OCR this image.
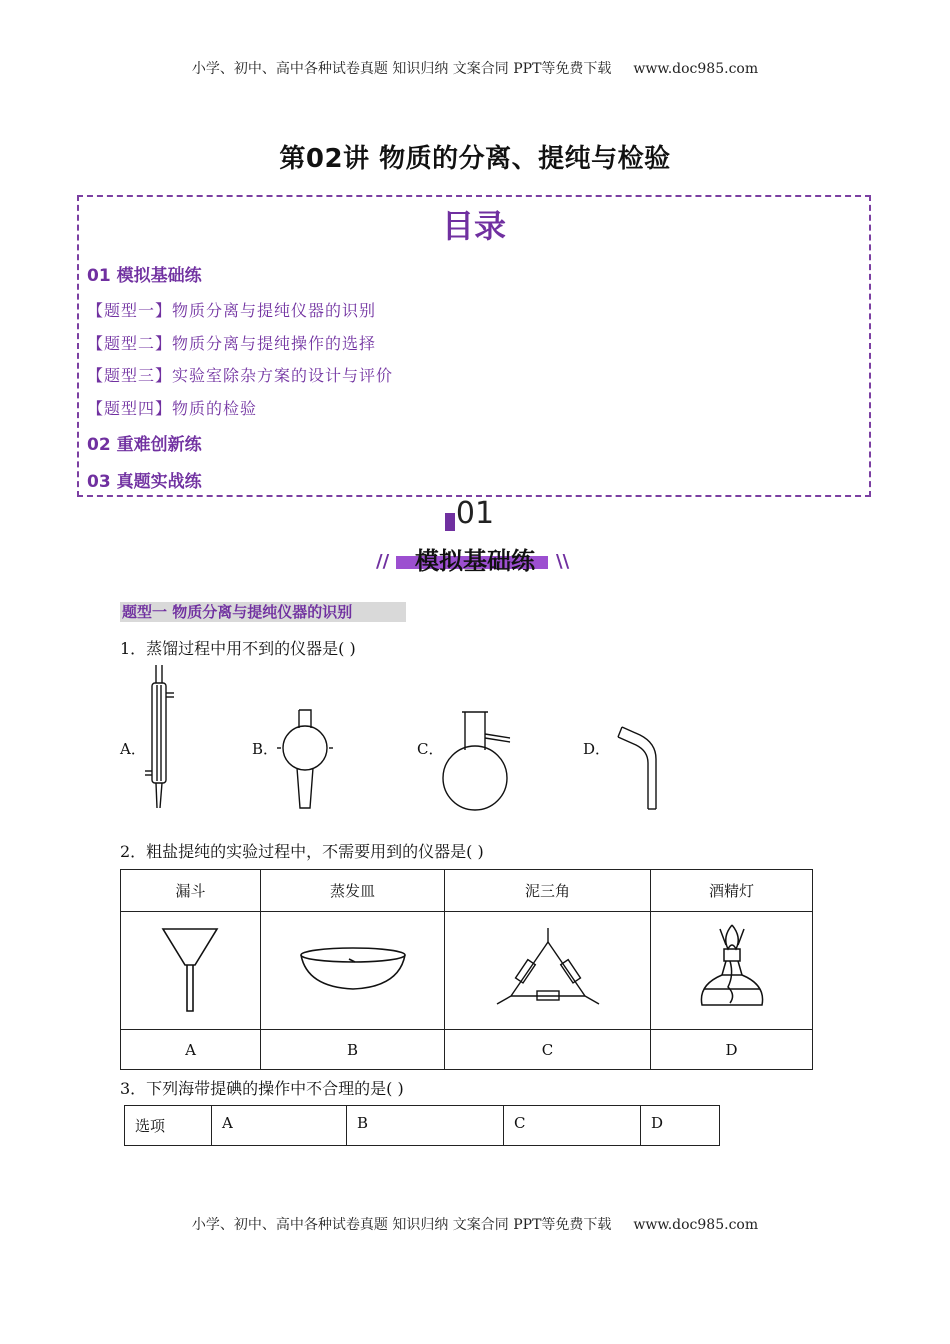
小学、初中、高中各种试卷真题 知识归纳 文案合同 PPT等免费下载 www.doc985.com
第02讲 物质的分离、提纯与检验
目录
01 模拟基础练
【题型一】物质分离与提纯仪器的识别
【题型二】物质分离与提纯操作的选择
【题型三】实验室除杂方案的设计与评价
【题型四】物质的检验
02 重难创新练
03 真题实战练
01
//	\\
模拟基础练
题型一 物质分离与提纯仪器的识别
1．蒸馏过程中用不到的仪器是( )
A．	B．	C．	D．
2．粗盐提纯的实验过程中，不需要用到的仪器是( )
漏斗	蒸发皿	泥三角	酒精灯

A	B	C	D
3．下列海带提碘的操作中不合理的是( )
选项	A	B	C	D
小学、初中、高中各种试卷真题 知识归纳 文案合同 PPT等免费下载 www.doc985.com
